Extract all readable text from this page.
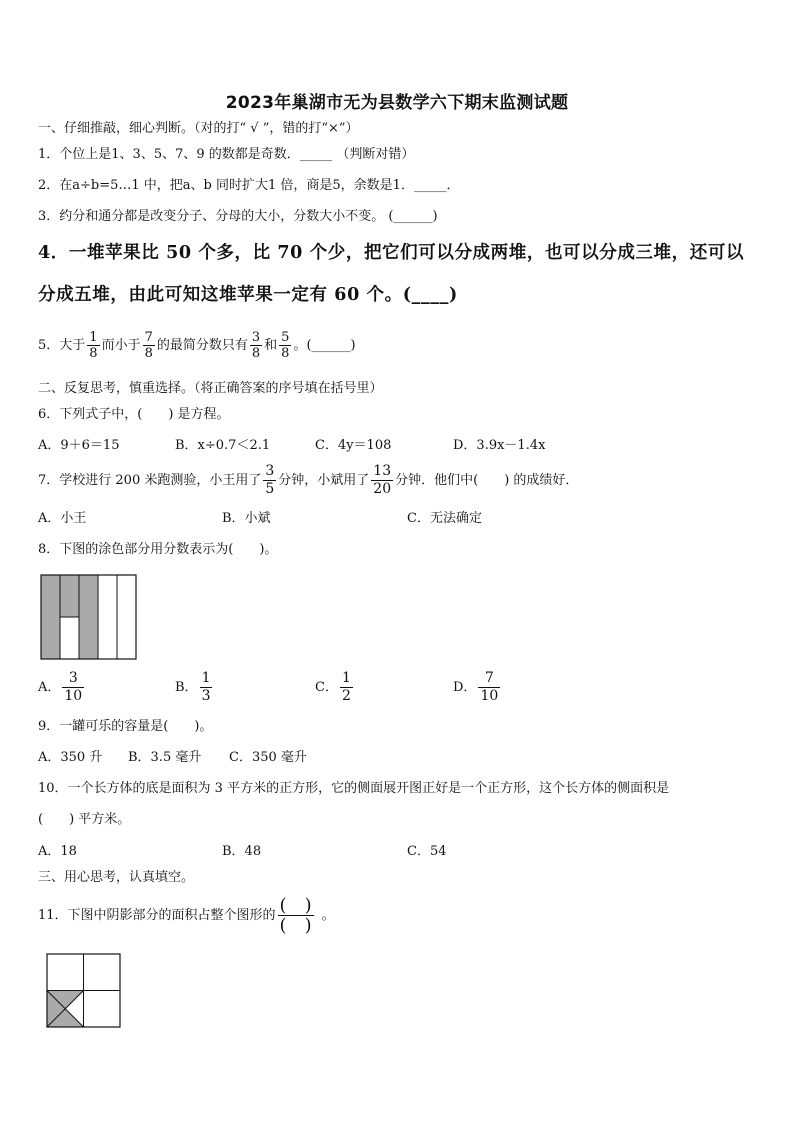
2023年巢湖市无为县数学六下期末监测试题
一、仔细推敲，细心判断。（对的打“ √ ”，错的打“×”）
1．个位上是1、3、5、7、9 的数都是奇数．_____ （判断对错）
2．在a÷b=5…1 中，把a、b 同时扩大1 倍，商是5，余数是1．_____．
3．约分和通分都是改变分子、分母的大小，分数大小不变。 (______)
4．一堆苹果比 50 个多，比 70 个少，把它们可以分成两堆，也可以分成三堆，还可以
分成五堆，由此可知这堆苹果一定有 60 个。(____)
5．大于 $\frac{1}{8}$ 而小于 $\frac{7}{8}$ 的最简分数只有 $\frac{3}{8}$ 和 $\frac{5}{8}$ 。(______)
二、反复思考，慎重选择。（将正确答案的序号填在括号里）
6．下列式子中，(　　) 是方程。
A．9＋6＝15	B．x÷0.7＜2.1	C．4y＝108	D．3.9x－1.4x
7．学校进行 200 米跑测验，小王用了 $\frac{3}{5}$ 分钟，小斌用了 $\frac{13}{20}$ 分钟．他们中(　　) 的成绩好．
A．小王	B．小斌	C．无法确定
8．下图的涂色部分用分数表示为(　　)。
A． $\frac{3}{10}$	B． $\frac{1}{3}$	C． $\frac{1}{2}$	D． $\frac{7}{10}$
9．一罐可乐的容量是(　　)。
A．350 升 B．3.5 毫升 C．350 毫升
10．一个长方体的底是面积为 3 平方米的正方形，它的侧面展开图正好是一个正方形，这个长方体的侧面积是
(　　) 平方米。
A．18	B．48	C．54
三、用心思考，认真填空。
11．下图中阴影部分的面积占整个图形的 $\frac{( )}{( )}$ 。
